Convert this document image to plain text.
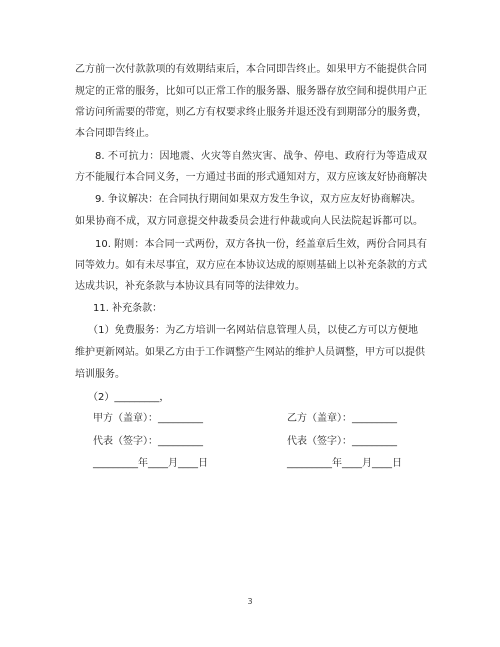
乙方前一次付款款项的有效期结束后，本合同即告终止。如果甲方不能提供合同
规定的正常的服务，比如可以正常工作的服务器、服务器存放空间和提供用户正
常访问所需要的带宽，则乙方有权要求终止服务并退还没有到期部分的服务费，
本合同即告终止。
8. 不可抗力：因地震、火灾等自然灾害、战争、停电、政府行为等造成双
方不能履行本合同义务，一方通过书面的形式通知对方，双方应该友好协商解决
9. 争议解决：在合同执行期间如果双方发生争议，双方应友好协商解决。
如果协商不成，双方同意提交仲裁委员会进行仲裁或向人民法院起诉都可以。
10. 附则：本合同一式两份，双方各执一份，经盖章后生效，两份合同具有
同等效力。如有未尽事宜，双方应在本协议达成的原则基础上以补充条款的方式
达成共识，补充条款与本协议具有同等的法律效力。
11. 补充条款：
（1）免费服务：为乙方培训一名网站信息管理人员，以使乙方可以方便地
维护更新网站。如果乙方由于工作调整产生网站的维护人员调整，甲方可以提供
培训服务。
（2）_________，
甲方（盖章）：_________
代表（签字）：_________
_________年____月____日
乙方（盖章）：_________
代表（签字）：_________
_________年____月____日
3
